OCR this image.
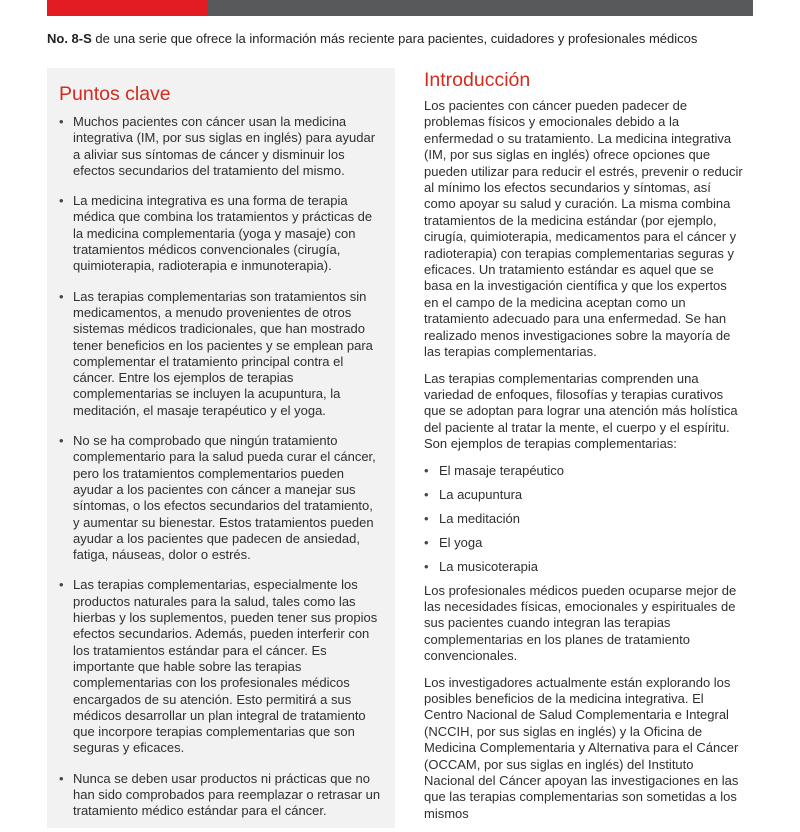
No. 8-S de una serie que ofrece la información más reciente para pacientes, cuidadores y profesionales médicos
Puntos clave
• Muchos pacientes con cáncer usan la medicina integrativa (IM, por sus siglas en inglés) para ayudar a aliviar sus síntomas de cáncer y disminuir los efectos secundarios del tratamiento del mismo.
• La medicina integrativa es una forma de terapia médica que combina los tratamientos y prácticas de la medicina complementaria (yoga y masaje) con tratamientos médicos convencionales (cirugía, quimioterapia, radioterapia e inmunoterapia).
• Las terapias complementarias son tratamientos sin medicamentos, a menudo provenientes de otros sistemas médicos tradicionales, que han mostrado tener beneficios en los pacientes y se emplean para complementar el tratamiento principal contra el cáncer. Entre los ejemplos de terapias complementarias se incluyen la acupuntura, la meditación, el masaje terapéutico y el yoga.
• No se ha comprobado que ningún tratamiento complementario para la salud pueda curar el cáncer, pero los tratamientos complementarios pueden ayudar a los pacientes con cáncer a manejar sus síntomas, o los efectos secundarios del tratamiento, y aumentar su bienestar. Estos tratamientos pueden ayudar a los pacientes que padecen de ansiedad, fatiga, náuseas, dolor o estrés.
• Las terapias complementarias, especialmente los productos naturales para la salud, tales como las hierbas y los suplementos, pueden tener sus propios efectos secundarios. Además, pueden interferir con los tratamientos estándar para el cáncer. Es importante que hable sobre las terapias complementarias con los profesionales médicos encargados de su atención. Esto permitirá a sus médicos desarrollar un plan integral de tratamiento que incorpore terapias complementarias que son seguras y eficaces.
• Nunca se deben usar productos ni prácticas que no han sido comprobados para reemplazar o retrasar un tratamiento médico estándar para el cáncer.
Introducción

Los pacientes con cáncer pueden padecer de problemas físicos y emocionales debido a la enfermedad o su tratamiento. La medicina integrativa (IM, por sus siglas en inglés) ofrece opciones que pueden utilizar para reducir el estrés, prevenir o reducir al mínimo los efectos secundarios y síntomas, así como apoyar su salud y curación. La misma combina tratamientos de la medicina estándar (por ejemplo, cirugía, quimioterapia, medicamentos para el cáncer y radioterapia) con terapias complementarias seguras y eficaces. Un tratamiento estándar es aquel que se basa en la investigación científica y que los expertos en el campo de la medicina aceptan como un tratamiento adecuado para una enfermedad. Se han realizado menos investigaciones sobre la mayoría de las terapias complementarias.

Las terapias complementarias comprenden una variedad de enfoques, filosofías y terapias curativos que se adoptan para lograr una atención más holística del paciente al tratar la mente, el cuerpo y el espíritu. Son ejemplos de terapias complementarias:

• El masaje terapéutico
• La acupuntura
• La meditación
• El yoga
• La musicoterapia

Los profesionales médicos pueden ocuparse mejor de las necesidades físicas, emocionales y espirituales de sus pacientes cuando integran las terapias complementarias en los planes de tratamiento convencionales.

Los investigadores actualmente están explorando los posibles beneficios de la medicina integrativa. El Centro Nacional de Salud Complementaria e Integral (NCCIH, por sus siglas en inglés) y la Oficina de Medicina Complementaria y Alternativa para el Cáncer (OCCAM, por sus siglas en inglés) del Instituto Nacional del Cáncer apoyan las investigaciones en las que las terapias complementarias son sometidas a los mismos
